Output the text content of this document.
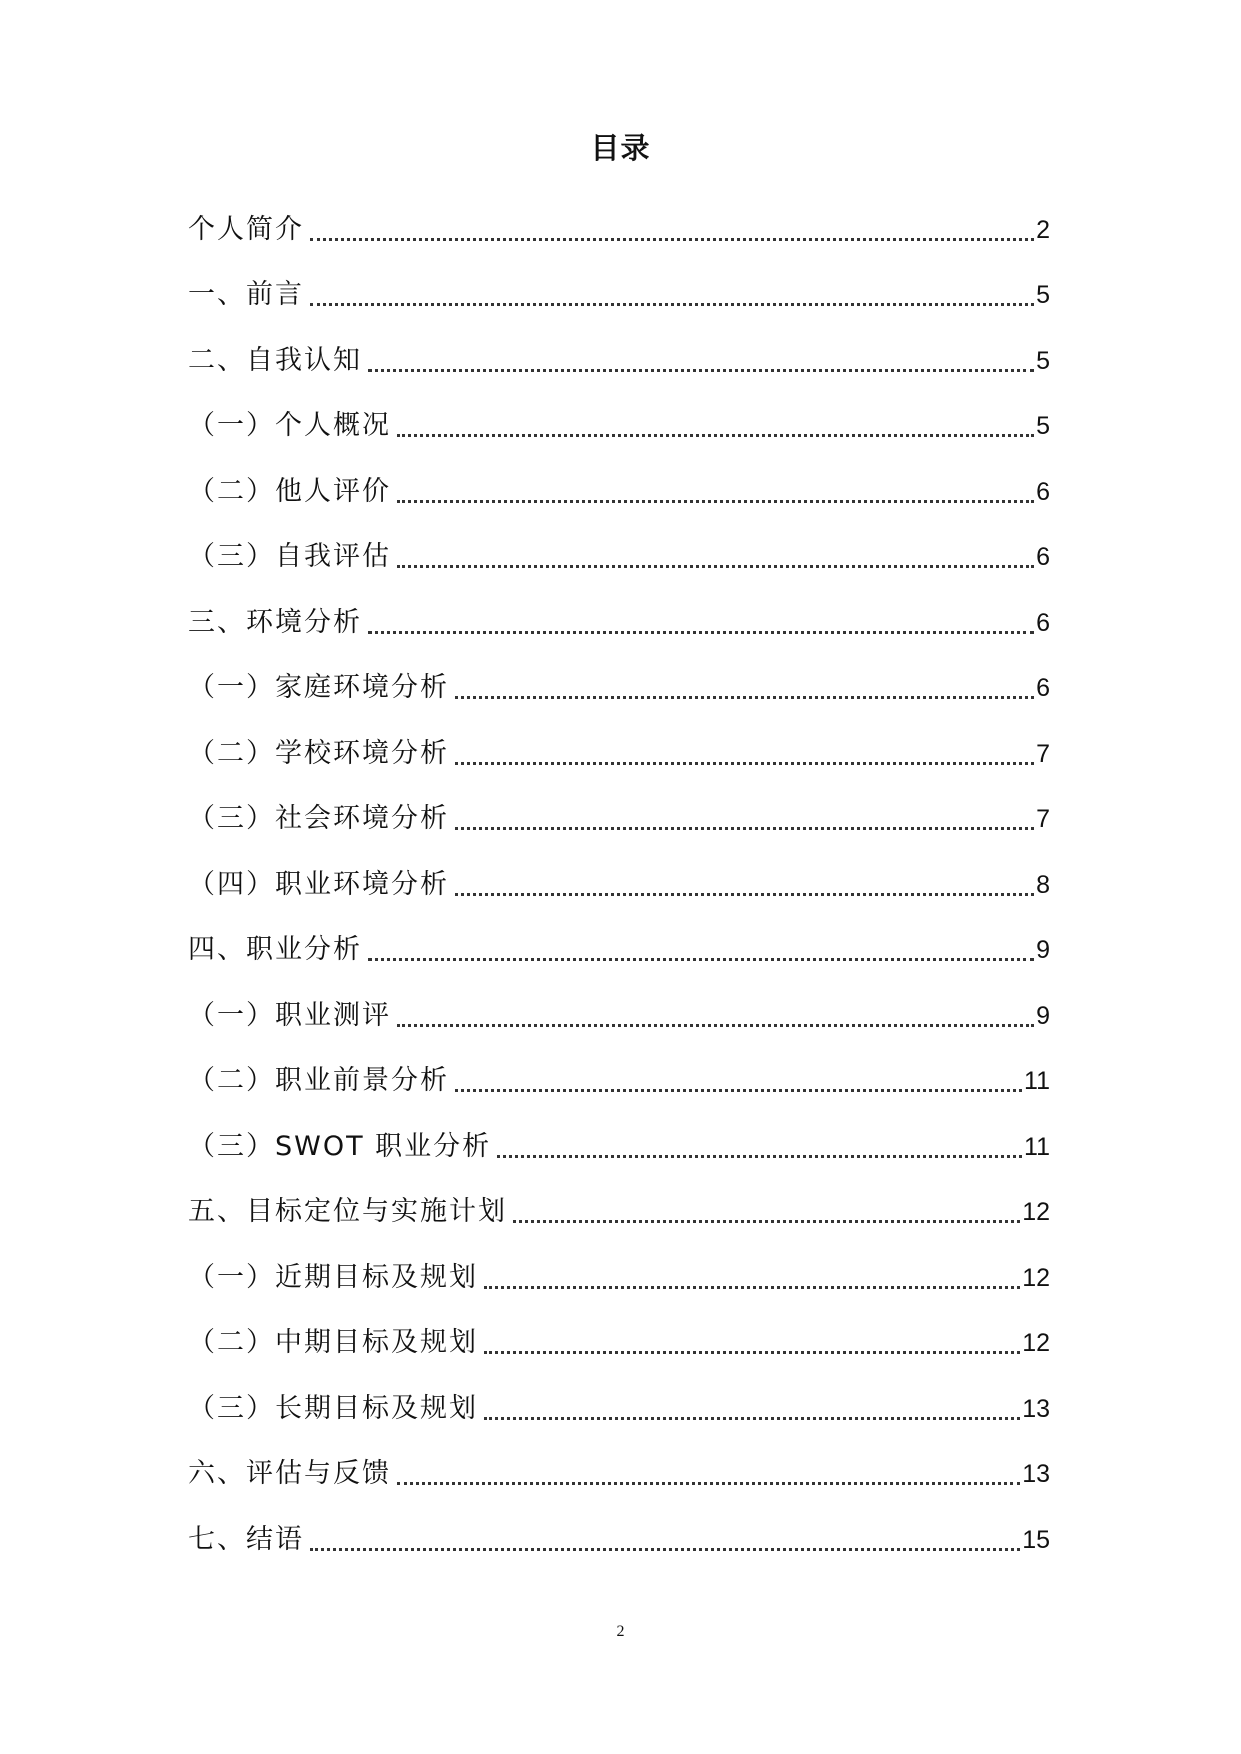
目录
个人简介	2
一、前言	5
二、自我认知	5
（一）个人概况	5
（二）他人评价	6
（三）自我评估	6
三、环境分析	6
（一）家庭环境分析	6
（二）学校环境分析	7
（三）社会环境分析	7
（四）职业环境分析	8
四、职业分析	9
（一）职业测评	9
（二）职业前景分析	11
（三）SWOT 职业分析	11
五、目标定位与实施计划	12
（一）近期目标及规划	12
（二）中期目标及规划	12
（三）长期目标及规划	13
六、评估与反馈	13
七、结语	15
2
